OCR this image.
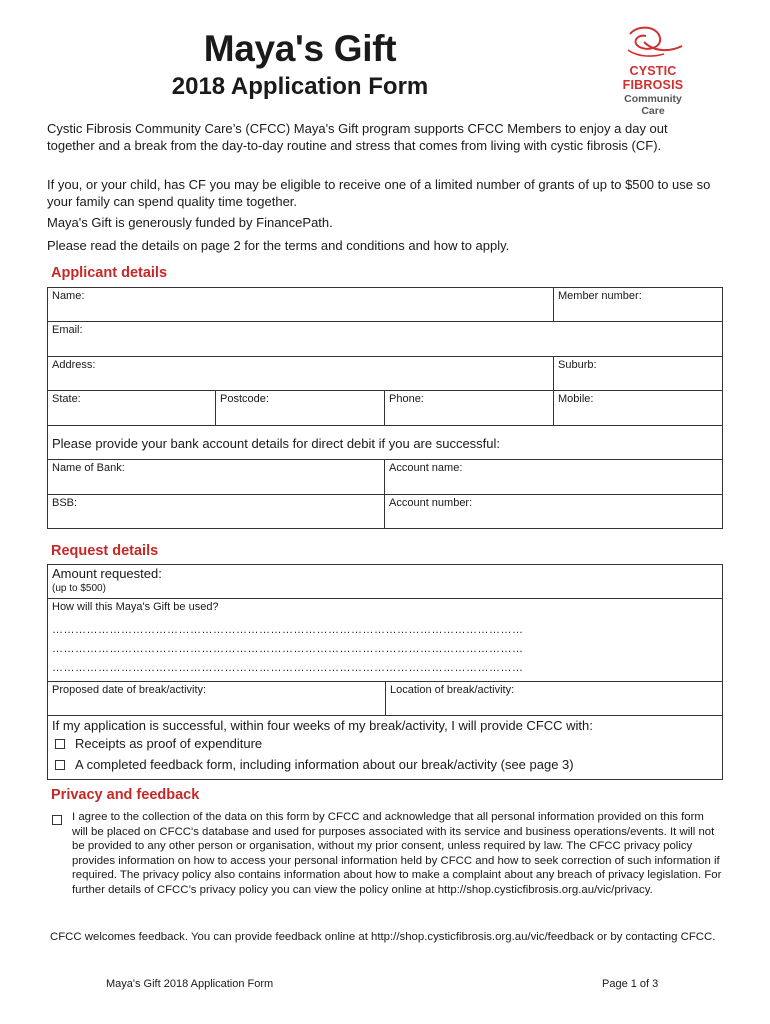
Maya's Gift
2018 Application Form
CYSTIC
FIBROSIS
Community
Care
Cystic Fibrosis Community Care’s (CFCC) Maya's Gift program supports CFCC Members to enjoy a day out together and a break from the day-to-day routine and stress that comes from living with cystic fibrosis (CF).
If you, or your child, has CF you may be eligible to receive one of a limited number of grants of up to $500 to use so your family can spend quality time together.
Maya's Gift is generously funded by FinancePath.
Please read the details on page 2 for the terms and conditions and how to apply.
Applicant details
Name:	Member number:
Email:
Address:	Suburb:
State:	Postcode:	Phone:	Mobile:
Please provide your bank account details for direct debit if you are successful:
Name of Bank:	Account name:
BSB:	Account number:
Request details
Amount requested:
(up to $500)
How will this Maya's Gift be used?
……………………………………………………………………………………………………………
……………………………………………………………………………………………………………
……………………………………………………………………………………………………………
Proposed date of break/activity:	Location of break/activity:
If my application is successful, within four weeks of my break/activity, I will provide CFCC with:
Receipts as proof of expenditure
A completed feedback form, including information about our break/activity (see page 3)
Privacy and feedback
I agree to the collection of the data on this form by CFCC and acknowledge that all personal information provided on this form will be placed on CFCC's database and used for purposes associated with its service and business operations/events. It will not be provided to any other person or organisation, without my prior consent, unless required by law. The CFCC privacy policy provides information on how to access your personal information held by CFCC and how to seek correction of such information if required. The privacy policy also contains information about how to make a complaint about any breach of privacy legislation. For further details of CFCC’s privacy policy you can view the policy online at http://shop.cysticfibrosis.org.au/vic/privacy.
CFCC welcomes feedback. You can provide feedback online at http://shop.cysticfibrosis.org.au/vic/feedback or by contacting CFCC.
Maya's Gift 2018 Application Form	Page 1 of 3
